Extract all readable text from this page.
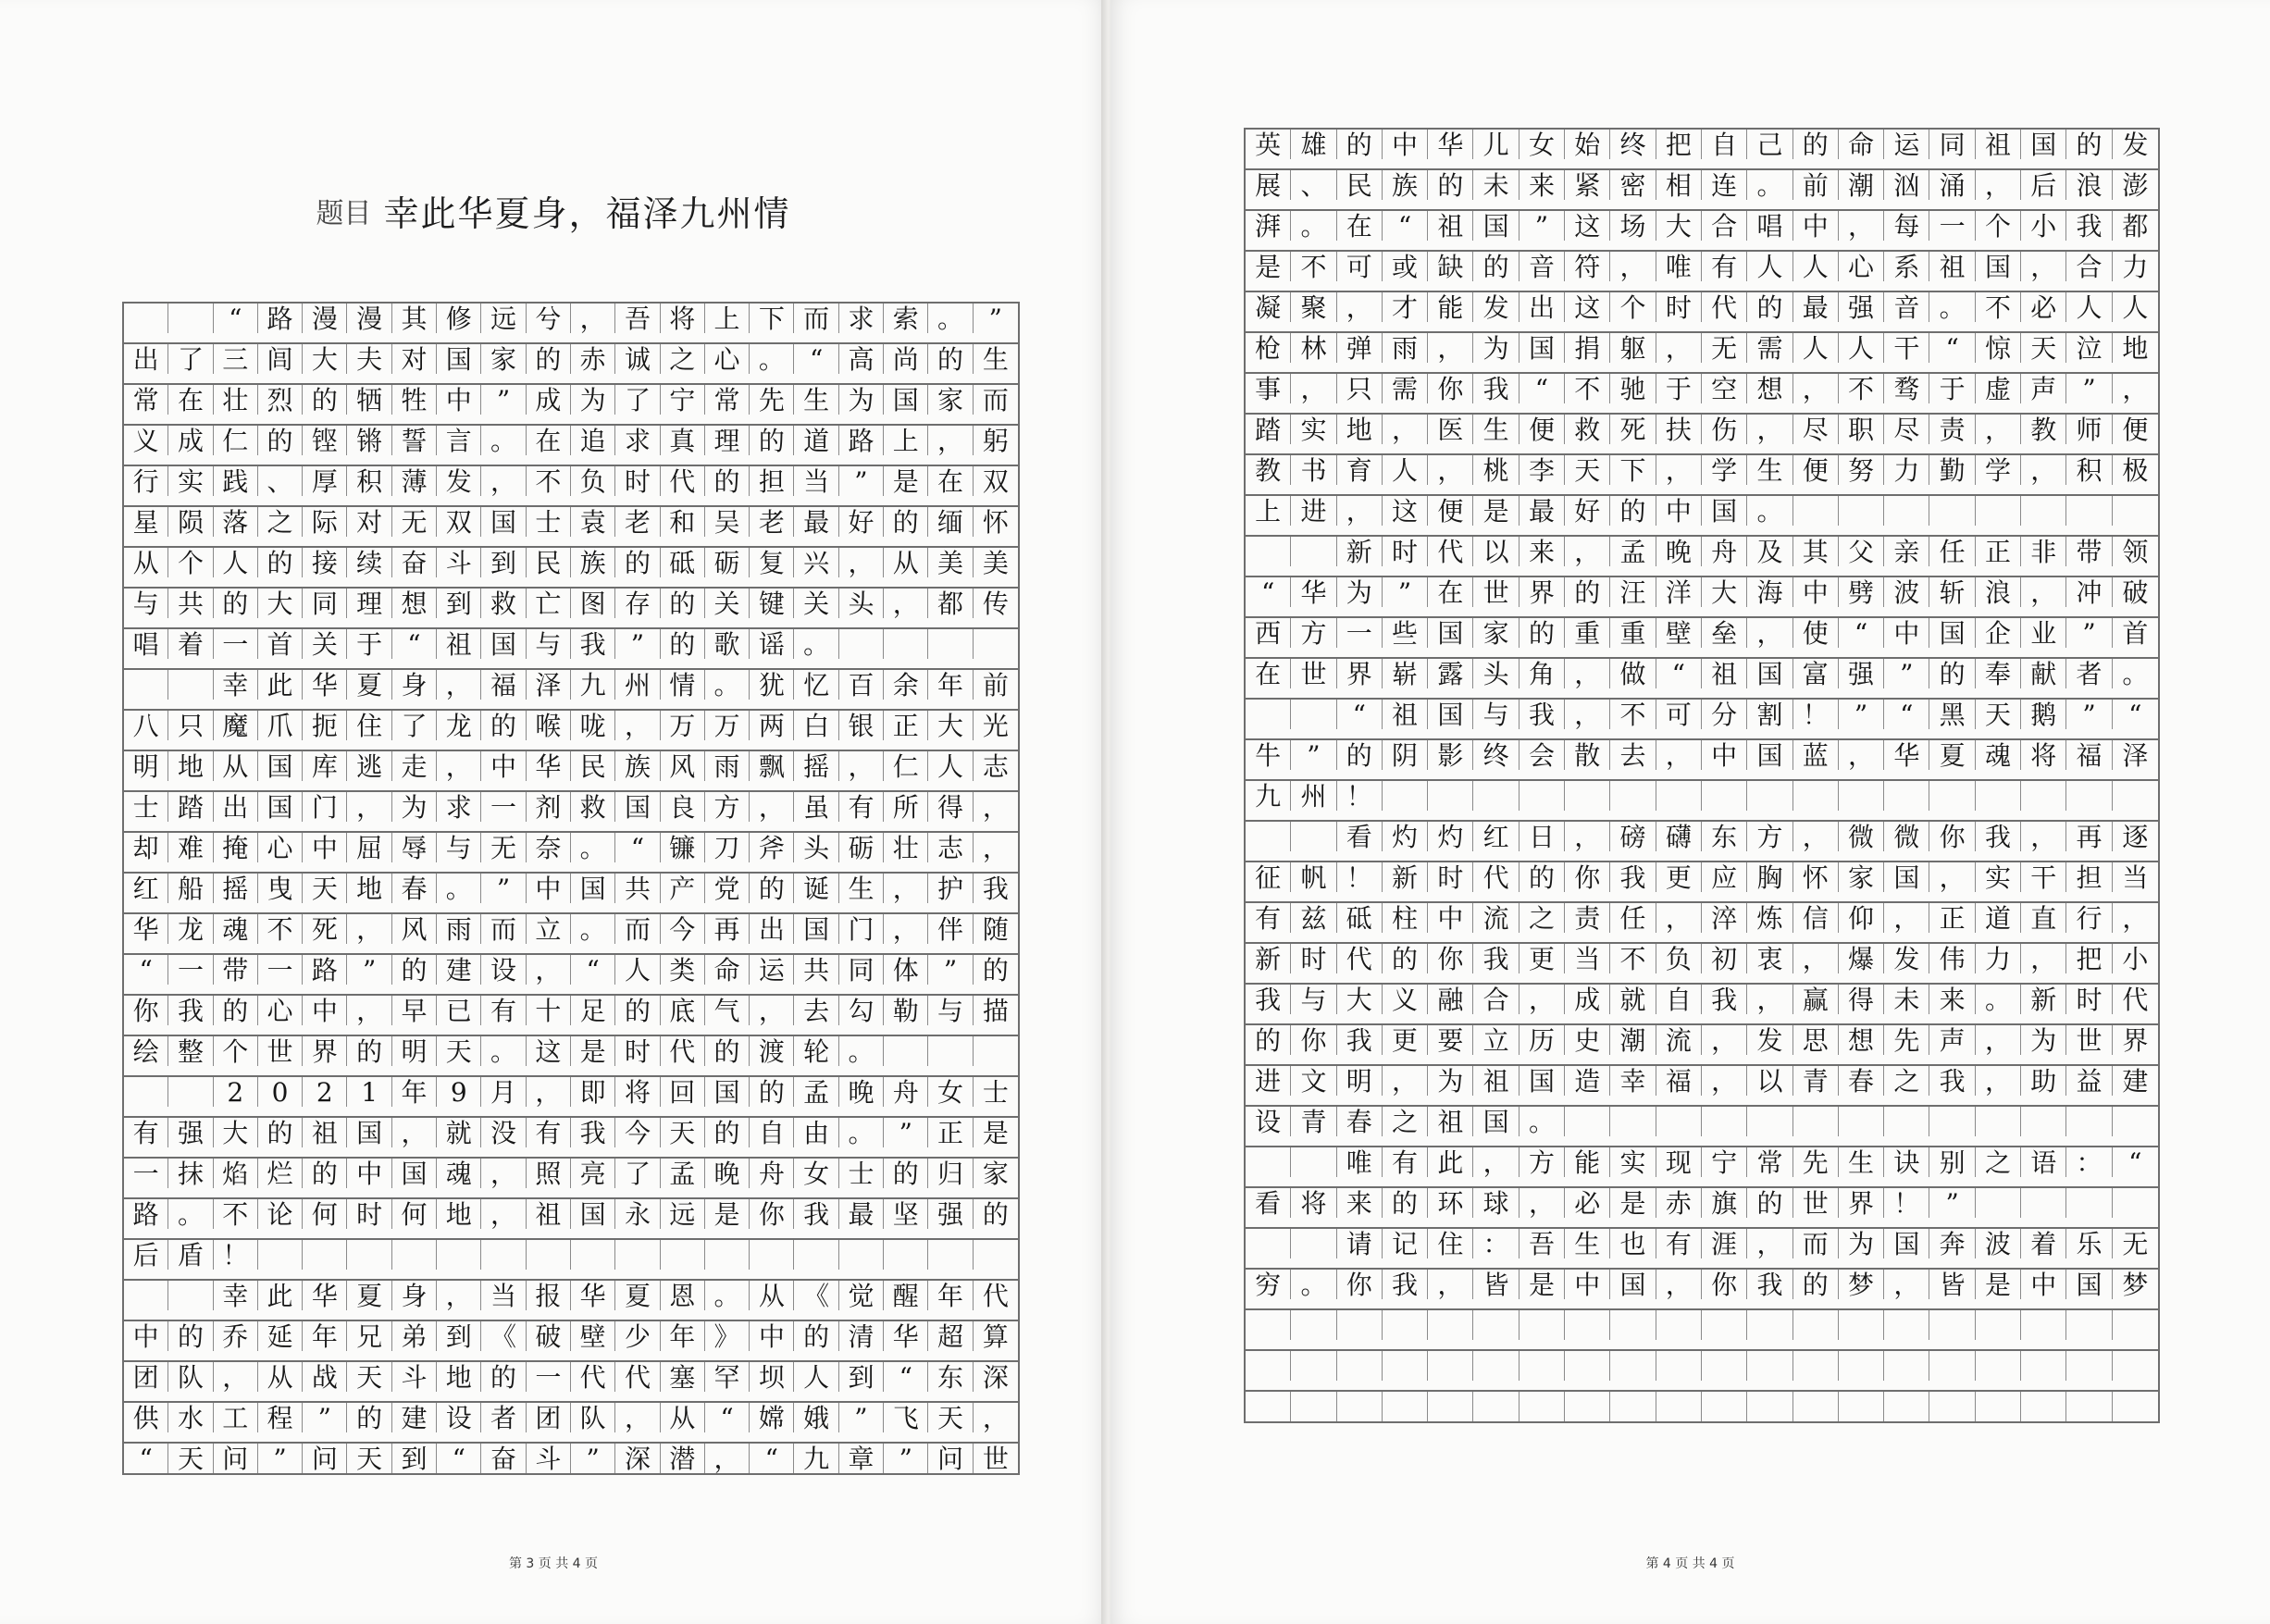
题目 幸此华夏身，福泽九州情
“ 路 漫 漫 其 修 远 兮 ， 吾 将 上 下 而 求 索 。 ”
出 了 三 闾 大 夫 对 国 家 的 赤 诚 之 心 。 “ 高 尚 的 生
常 在 壮 烈 的 牺 牲 中 ” 成 为 了 宁 常 先 生 为 国 家 而
义 成 仁 的 铿 锵 誓 言 。 在 追 求 真 理 的 道 路 上 ， 躬
行 实 践 、 厚 积 薄 发 ， 不 负 时 代 的 担 当 ” 是 在 双
星 陨 落 之 际 对 无 双 国 士 袁 老 和 吴 老 最 好 的 缅 怀
从 个 人 的 接 续 奋 斗 到 民 族 的 砥 砺 复 兴 ， 从 美 美
与 共 的 大 同 理 想 到 救 亡 图 存 的 关 键 关 头 ， 都 传
唱 着 一 首 关 于 “ 祖 国 与 我 ” 的 歌 谣 。
幸 此 华 夏 身 ， 福 泽 九 州 情 。 犹 忆 百 余 年 前
八 只 魔 爪 扼 住 了 龙 的 喉 咙 ， 万 万 两 白 银 正 大 光
明 地 从 国 库 逃 走 ， 中 华 民 族 风 雨 飘 摇 ， 仁 人 志
士 踏 出 国 门 ， 为 求 一 剂 救 国 良 方 ， 虽 有 所 得 ，
却 难 掩 心 中 屈 辱 与 无 奈 。 “ 镰 刀 斧 头 砺 壮 志 ，
红 船 摇 曳 天 地 春 。 ” 中 国 共 产 党 的 诞 生 ， 护 我
华 龙 魂 不 死 ， 风 雨 而 立 。 而 今 再 出 国 门 ， 伴 随
“ 一 带 一 路 ” 的 建 设 ， “ 人 类 命 运 共 同 体 ” 的
你 我 的 心 中 ， 早 已 有 十 足 的 底 气 ， 去 勾 勒 与 描
绘 整 个 世 界 的 明 天 。 这 是 时 代 的 渡 轮 。
2	0	2	1 年 9 月 ， 即 将 回 国 的 孟 晚 舟 女 士
有 强 大 的 祖 国 ， 就 没 有 我 今 天 的 自 由 。 ” 正 是
一 抹 焰 烂 的 中 国 魂 ， 照 亮 了 孟 晚 舟 女 士 的 归 家
路 。 不 论 何 时 何 地 ， 祖 国 永 远 是 你 我 最 坚 强 的
后 盾 ！
幸 此 华 夏 身 ， 当 报 华 夏 恩 。 从 《 觉 醒 年 代
中 的 乔 延 年 兄 弟 到 《 破 壁 少 年 》 中 的 清 华 超 算
团 队 ， 从 战 天 斗 地 的 一 代 代 塞 罕 坝 人 到 “ 东 深
供 水 工 程 ” 的 建 设 者 团 队 ， 从 “ 嫦 娥 ” 飞 天 ，
“ 天 问 ” 问 天 到 “ 奋 斗 ” 深 潜 ， “ 九 章 ” 问 世
英 雄 的 中 华 儿 女 始 终 把 自 己 的 命 运 同 祖 国 的 发
展 、 民 族 的 未 来 紧 密 相 连 。 前 潮 汹 涌 ， 后 浪 澎
湃 。 在	“	祖 国	”	这 场 大 合 唱 中 ， 每 一 个 小 我 都
是 不 可 或 缺 的 音 符 ， 唯 有 人 人 心 系 祖 国 ， 合 力
凝 聚 ， 才 能 发 出 这 个 时 代 的 最 强 音 。 不 必 人 人
枪 林 弹 雨 ， 为 国 捐 躯 ， 无 需 人 人 干	“	惊 天 泣 地
事 ， 只 需 你 我	“	不 驰 于 空 想 ， 不 骛 于 虚 声	”	，
踏 实 地 ， 医 生 便 救 死 扶 伤 ， 尽 职 尽 责 ， 教 师 便
教 书 育 人 ， 桃 李 天 下 ， 学 生 便 努 力 勤 学 ， 积 极
上 进 ， 这 便 是 最 好 的 中 国 。
新 时 代 以 来 ， 孟 晚 舟 及 其 父 亲 任 正 非 带 领
“	华 为	”	在 世 界 的 汪 洋 大 海 中 劈 波 斩 浪 ， 冲 破
西 方 一 些 国 家 的 重 重 壁 垒 ， 使	“	中 国 企 业	”	首
在 世 界 崭 露 头 角 ， 做	“	祖 国 富 强	”	的 奉 献 者 。
“	祖 国 与 我 ， 不 可 分 割 ！	”	“	黑 天 鹅	”	“
牛	”	的 阴 影 终 会 散 去 ， 中 国 蓝 ， 华 夏 魂 将 福 泽
九 州 ！
看 灼 灼 红 日 ， 磅 礴 东 方 ， 微 微 你 我 ， 再 逐
征 帆 ！ 新 时 代 的 你 我 更 应 胸 怀 家 国 ， 实 干 担 当
有 兹 砥 柱 中 流 之 责 任 ， 淬 炼 信 仰 ， 正 道 直 行 ，
新 时 代 的 你 我 更 当 不 负 初 衷 ， 爆 发 伟 力 ， 把 小
我 与 大 义 融 合 ， 成 就 自 我 ， 赢 得 未 来 。 新 时 代
的 你 我 更 要 立 历 史 潮 流 ， 发 思 想 先 声 ， 为 世 界
进 文 明 ， 为 祖 国 造 幸 福 ， 以 青 春 之 我 ， 助 益 建
设 青 春 之 祖 国 。
唯 有 此 ， 方 能 实 现 宁 常 先 生 诀 别 之 语 ：	“
看 将 来 的 环 球 ， 必 是 赤 旗 的 世 界 ！	”
请 记 住 ： 吾 生 也 有 涯 ， 而 为 国 奔 波 着 乐 无
穷 。 你 我 ， 皆 是 中 国 ， 你 我 的 梦 ， 皆 是 中 国 梦
第 3 页 共 4 页	第 4 页 共 4 页
